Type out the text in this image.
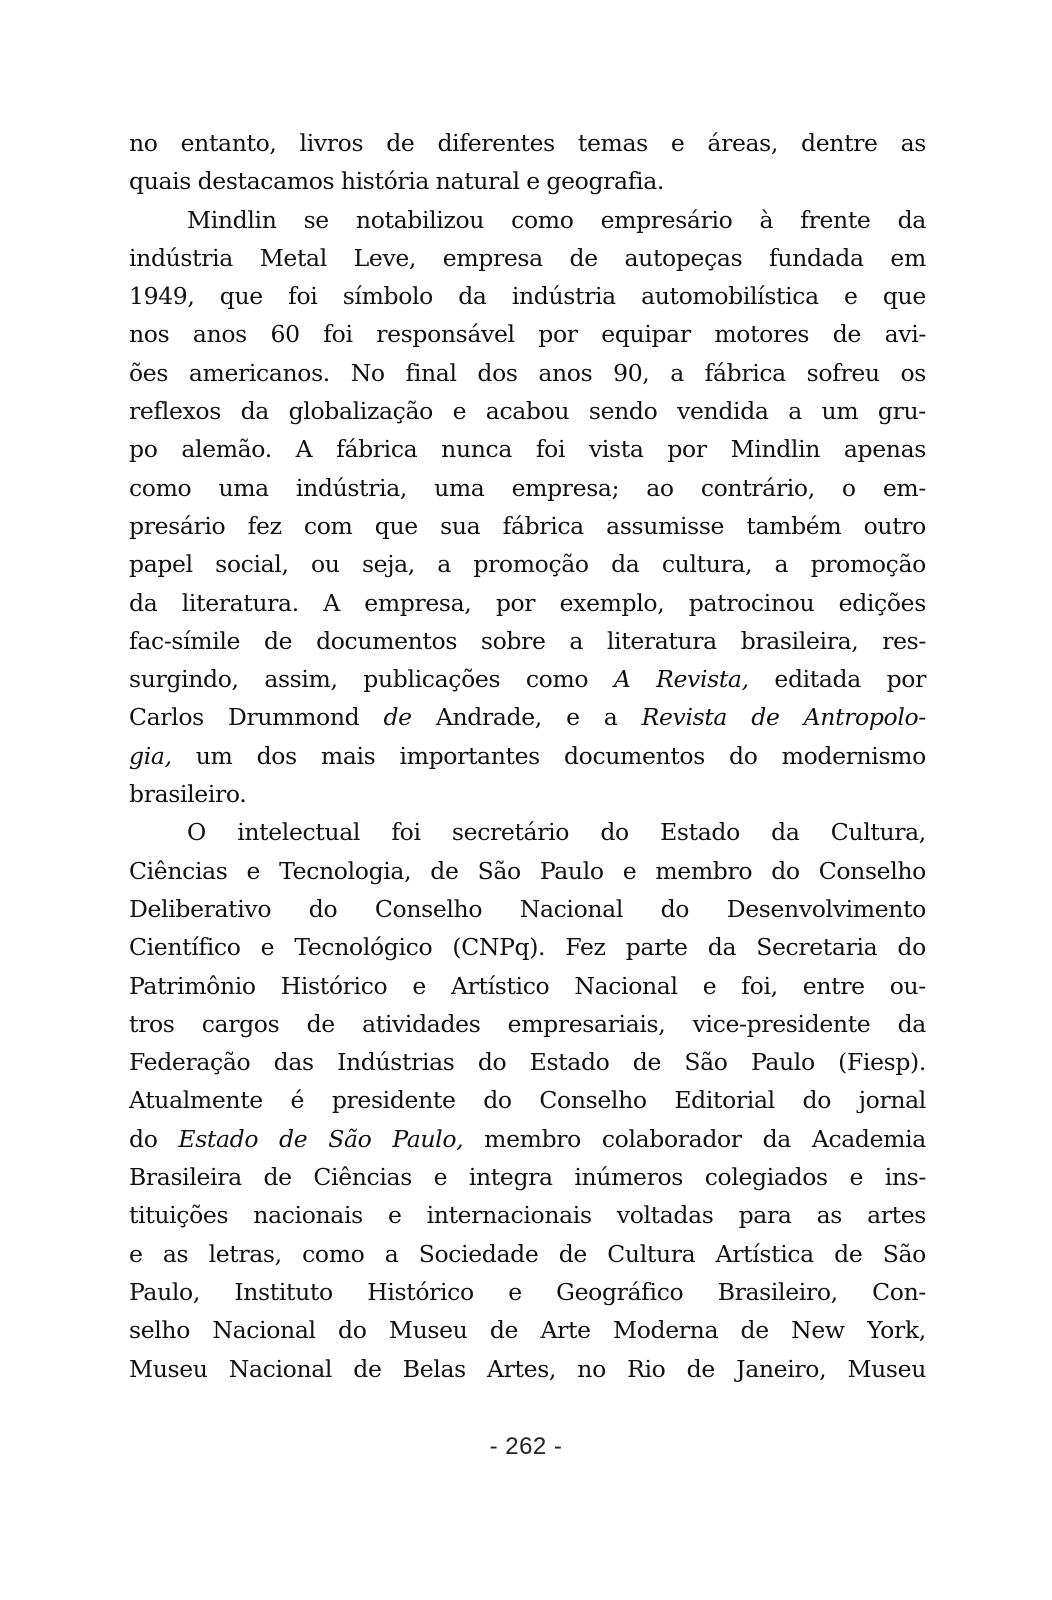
no entanto, livros de diferentes temas e áreas, dentre as
quais destacamos história natural e geografia.
Mindlin se notabilizou como empresário à frente da
indústria Metal Leve, empresa de autopeças fundada em
1949, que foi símbolo da indústria automobilística e que
nos anos 60 foi responsável por equipar motores de avi-
ões americanos. No final dos anos 90, a fábrica sofreu os
reflexos da globalização e acabou sendo vendida a um gru-
po alemão. A fábrica nunca foi vista por Mindlin apenas
como uma indústria, uma empresa; ao contrário, o em-
presário fez com que sua fábrica assumisse também outro
papel social, ou seja, a promoção da cultura, a promoção
da literatura. A empresa, por exemplo, patrocinou edições
fac-símile de documentos sobre a literatura brasileira, res-
surgindo, assim, publicações como A Revista, editada por
Carlos Drummond de Andrade, e a Revista de Antropolo-
gia, um dos mais importantes documentos do modernismo
brasileiro.
O intelectual foi secretário do Estado da Cultura,
Ciências e Tecnologia, de São Paulo e membro do Conselho
Deliberativo do Conselho Nacional do Desenvolvimento
Científico e Tecnológico (CNPq). Fez parte da Secretaria do
Patrimônio Histórico e Artístico Nacional e foi, entre ou-
tros cargos de atividades empresariais, vice-presidente da
Federação das Indústrias do Estado de São Paulo (Fiesp).
Atualmente é presidente do Conselho Editorial do jornal
do Estado de São Paulo, membro colaborador da Academia
Brasileira de Ciências e integra inúmeros colegiados e ins-
tituições nacionais e internacionais voltadas para as artes
e as letras, como a Sociedade de Cultura Artística de São
Paulo, Instituto Histórico e Geográfico Brasileiro, Con-
selho Nacional do Museu de Arte Moderna de New York,
Museu Nacional de Belas Artes, no Rio de Janeiro, Museu
- 262 -
